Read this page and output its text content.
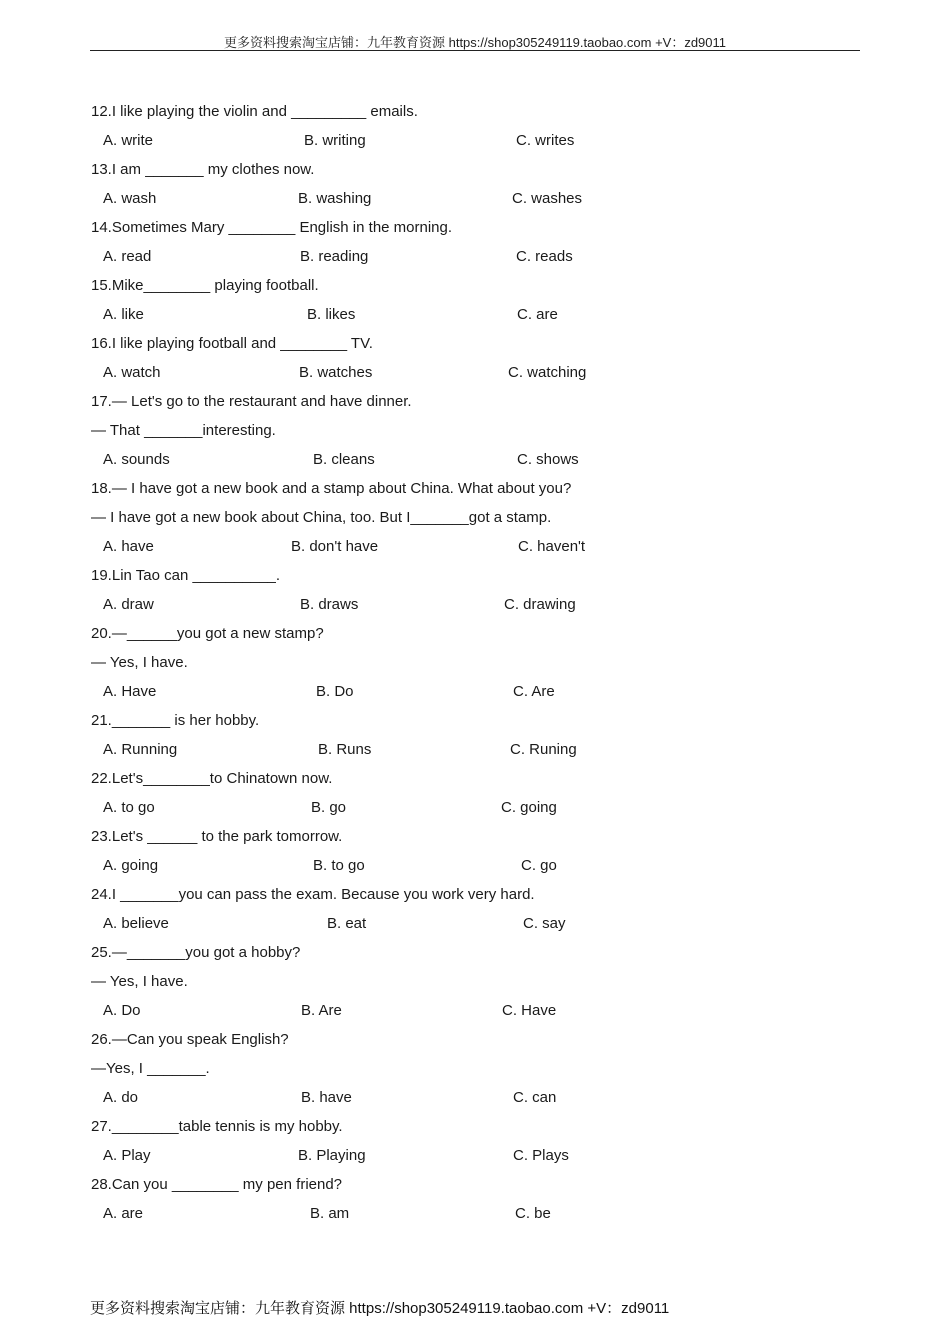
更多资料搜索淘宝店铺：九年教育资源 https://shop305249119.taobao.com +V：zd9011
12.I like playing the violin and _________ emails.
A. write	B. writing	C. writes
13.I am _______ my clothes now.
A. wash	B. washing	C. washes
14.Sometimes Mary ________ English in the morning.
A. read	B. reading	C. reads
15.Mike________ playing football.
A. like	B. likes	C. are
16.I like playing football and ________ TV.
A. watch	B. watches	C. watching
17.— Let's go to the restaurant and have dinner.
— That _______interesting.
A. sounds	B. cleans	C. shows
18.— I have got a new book and a stamp about China. What about you?
— I have got a new book about China, too. But I_______got a stamp.
A. have	B. don't have	C. haven't
19.Lin Tao can __________.
A. draw	B. draws	C. drawing
20.—______you got a new stamp?
— Yes, I have.
A. Have	B. Do	C. Are
21._______ is her hobby.
A. Running	B. Runs	C. Runing
22.Let's________to Chinatown now.
A. to go	B. go	C. going
23.Let's ______ to the park tomorrow.
A. going	B. to go	C. go
24.I _______you can pass the exam. Because you work very hard.
A. believe	B. eat	C. say
25.—_______you got a hobby?
— Yes, I have.
A. Do	B. Are	C. Have
26.—Can you speak English?
—Yes, I _______.
A. do	B. have	C. can
27.________table tennis is my hobby.
A. Play	B. Playing	C. Plays
28.Can you ________ my pen friend?
A. are	B. am	C. be
更多资料搜索淘宝店铺：九年教育资源 https://shop305249119.taobao.com +V：zd9011
